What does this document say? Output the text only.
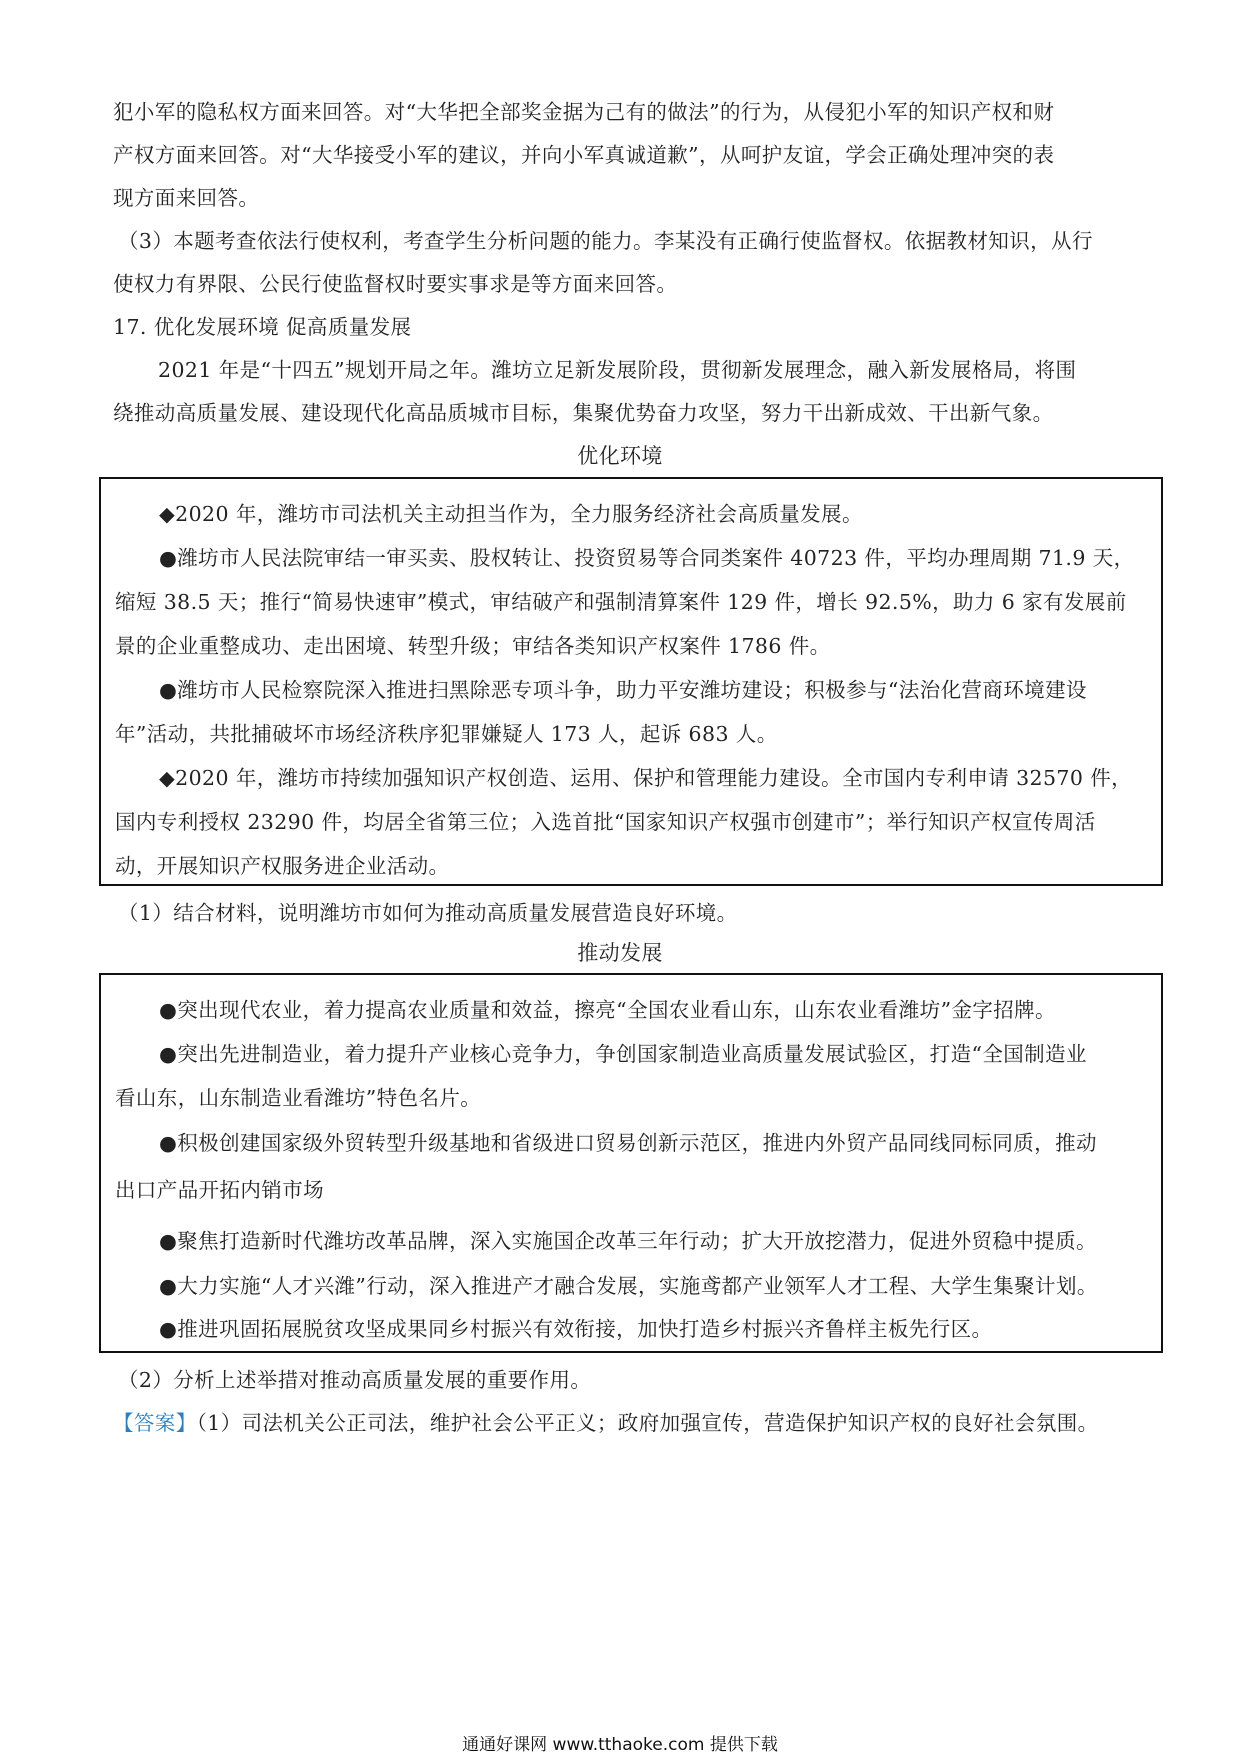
犯小军的隐私权方面来回答。对“大华把全部奖金据为己有的做法”的行为，从侵犯小军的知识产权和财
产权方面来回答。对“大华接受小军的建议，并向小军真诚道歉”，从呵护友谊，学会正确处理冲突的表
现方面来回答。
（3）本题考查依法行使权利，考查学生分析问题的能力。李某没有正确行使监督权。依据教材知识，从行
使权力有界限、公民行使监督权时要实事求是等方面来回答。
17. 优化发展环境 促高质量发展
2021 年是“十四五”规划开局之年。潍坊立足新发展阶段，贯彻新发展理念，融入新发展格局，将围
绕推动高质量发展、建设现代化高品质城市目标，集聚优势奋力攻坚，努力干出新成效、干出新气象。
优化环境
◆2020 年，潍坊市司法机关主动担当作为，全力服务经济社会高质量发展。
●潍坊市人民法院审结一审买卖、股权转让、投资贸易等合同类案件 40723 件，平均办理周期 71.9 天，
缩短 38.5 天；推行“简易快速审”模式，审结破产和强制清算案件 129 件，增长 92.5%，助力 6 家有发展前
景的企业重整成功、走出困境、转型升级；审结各类知识产权案件 1786 件。
●潍坊市人民检察院深入推进扫黑除恶专项斗争，助力平安潍坊建设；积极参与“法治化营商环境建设
年”活动，共批捕破坏市场经济秩序犯罪嫌疑人 173 人，起诉 683 人。
◆2020 年，潍坊市持续加强知识产权创造、运用、保护和管理能力建设。全市国内专利申请 32570 件，
国内专利授权 23290 件，均居全省第三位；入选首批“国家知识产权强市创建市”；举行知识产权宣传周活
动，开展知识产权服务进企业活动。
（1）结合材料，说明潍坊市如何为推动高质量发展营造良好环境。
推动发展
●突出现代农业，着力提高农业质量和效益，擦亮“全国农业看山东，山东农业看潍坊”金字招牌。
●突出先进制造业，着力提升产业核心竞争力，争创国家制造业高质量发展试验区，打造“全国制造业
看山东，山东制造业看潍坊”特色名片。
●积极创建国家级外贸转型升级基地和省级进口贸易创新示范区，推进内外贸产品同线同标同质，推动
出口产品开拓内销市场
●聚焦打造新时代潍坊改革品牌，深入实施国企改革三年行动；扩大开放挖潜力，促进外贸稳中提质。
●大力实施“人才兴潍”行动，深入推进产才融合发展，实施鸢都产业领军人才工程、大学生集聚计划。
●推进巩固拓展脱贫攻坚成果同乡村振兴有效衔接，加快打造乡村振兴齐鲁样主板先行区。
（2）分析上述举措对推动高质量发展的重要作用。
【答案】（1）司法机关公正司法，维护社会公平正义；政府加强宣传，营造保护知识产权的良好社会氛围。
通通好课网 www.tthaoke.com 提供下载
